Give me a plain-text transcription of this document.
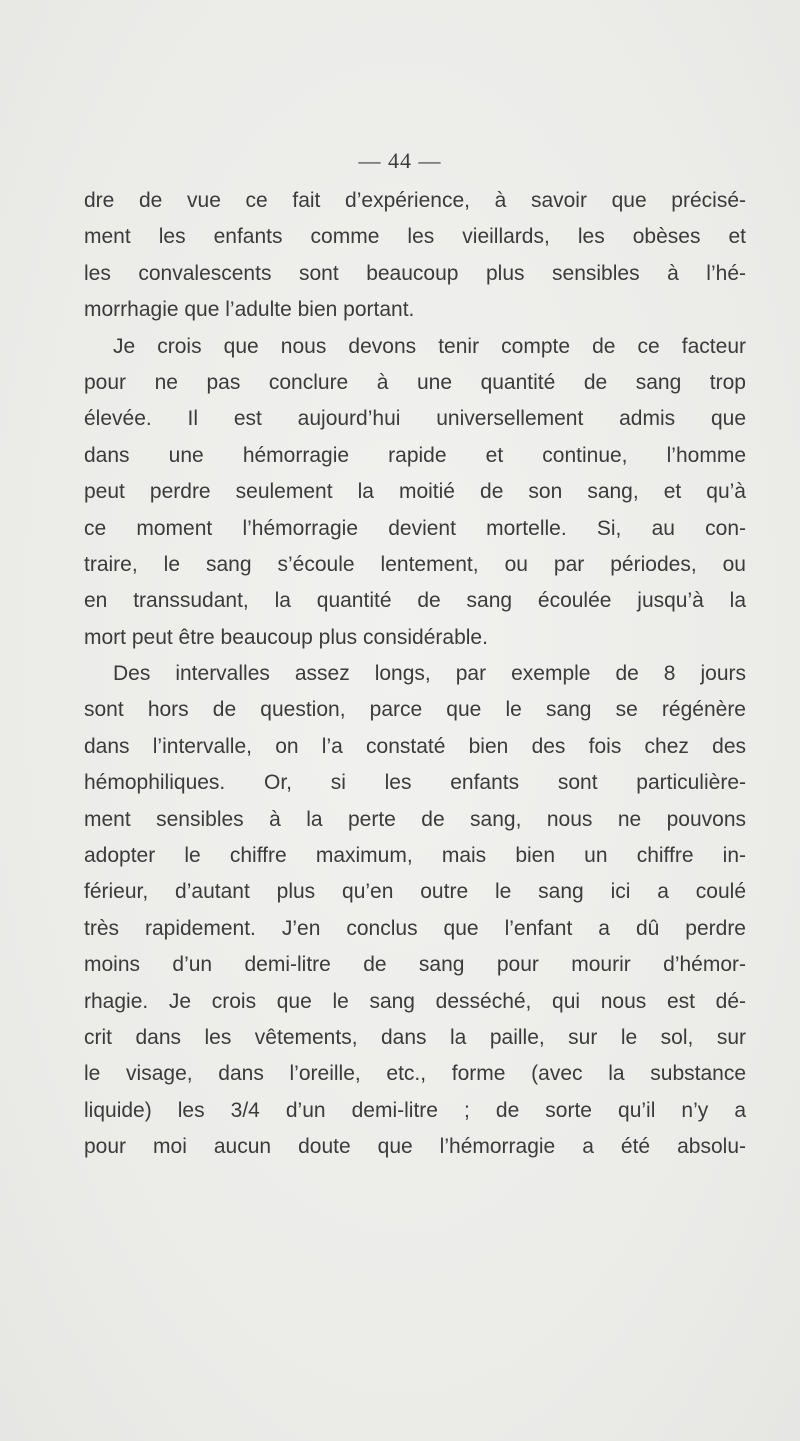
— 44 —
dre de vue ce fait d’expérience, à savoir que précisé-
ment les enfants comme les vieillards, les obèses et
les convalescents sont beaucoup plus sensibles à l’hé-
morrhagie que l’adulte bien portant.
Je crois que nous devons tenir compte de ce facteur
pour ne pas conclure à une quantité de sang trop
élevée. Il est aujourd’hui universellement admis que
dans une hémorragie rapide et continue, l’homme
peut perdre seulement la moitié de son sang, et qu’à
ce moment l’hémorragie devient mortelle. Si, au con-
traire, le sang s’écoule lentement, ou par périodes, ou
en transsudant, la quantité de sang écoulée jusqu’à la
mort peut être beaucoup plus considérable.
Des intervalles assez longs, par exemple de 8 jours
sont hors de question, parce que le sang se régénère
dans l’intervalle, on l’a constaté bien des fois chez des
hémophiliques. Or, si les enfants sont particulière-
ment sensibles à la perte de sang, nous ne pouvons
adopter le chiffre maximum, mais bien un chiffre in-
férieur, d’autant plus qu’en outre le sang ici a coulé
très rapidement. J’en conclus que l’enfant a dû perdre
moins d’un demi-litre de sang pour mourir d’hémor-
rhagie. Je crois que le sang desséché, qui nous est dé-
crit dans les vêtements, dans la paille, sur le sol, sur
le visage, dans l’oreille, etc., forme (avec la substance
liquide) les 3/4 d’un demi-litre ; de sorte qu’il n’y a
pour moi aucun doute que l’hémorragie a été absolu-
